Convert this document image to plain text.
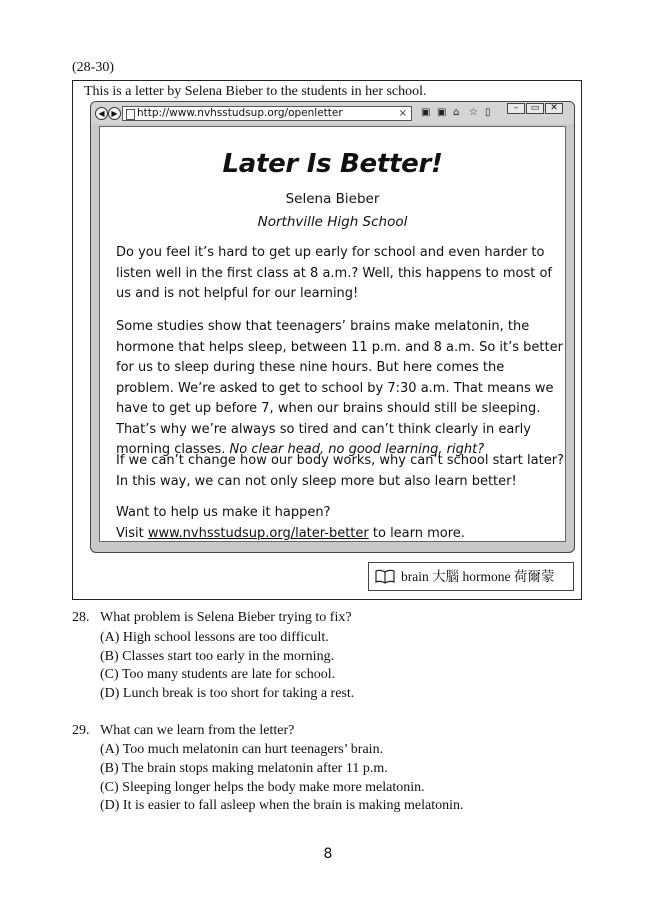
(28-30)
This is a letter by Selena Bieber to the students in her school.
◀ ▶	http://www.nvhsstudsup.org/openletter	× ▣ ▣ ⌂ ☆ ▯	–	▭	✕
Later Is Better!
Selena Bieber
Northville High School
Do you feel it’s hard to get up early for school and even harder to listen well in the first class at 8 a.m.? Well, this happens to most of us and is not helpful for our learning!
Some studies show that teenagers’ brains make melatonin, the hormone that helps sleep, between 11 p.m. and 8 a.m. So it’s better for us to sleep during these nine hours. But here comes the problem. We’re asked to get to school by 7:30 a.m. That means we have to get up before 7, when our brains should still be sleeping. That’s why we’re always so tired and can’t think clearly in early morning classes. No clear head, no good learning, right?
If we can’t change how our body works, why can’t school start later? In this way, we can not only sleep more but also learn better!
Want to help us make it happen?
Visit www.nvhsstudsup.org/later-better to learn more.
brain 大腦 hormone 荷爾蒙
28. What problem is Selena Bieber trying to fix?
(A) High school lessons are too difficult.
(B) Classes start too early in the morning.
(C) Too many students are late for school.
(D) Lunch break is too short for taking a rest.
29. What can we learn from the letter?
(A) Too much melatonin can hurt teenagers’ brain.
(B) The brain stops making melatonin after 11 p.m.
(C) Sleeping longer helps the body make more melatonin.
(D) It is easier to fall asleep when the brain is making melatonin.
8
